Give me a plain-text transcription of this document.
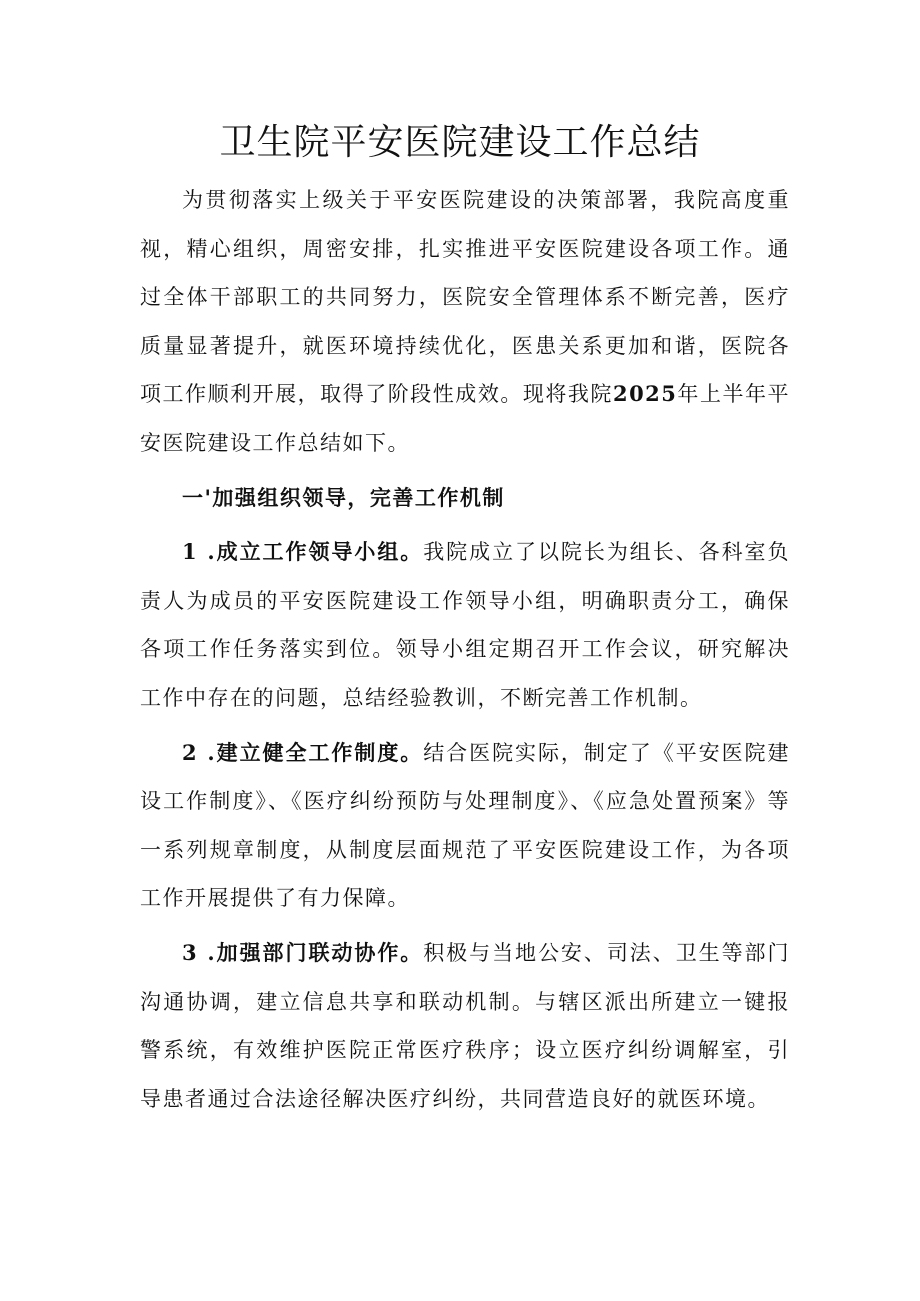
卫生院平安医院建设工作总结

为贯彻落实上级关于平安医院建设的决策部署，我院高度重视，精心组织，周密安排，扎实推进平安医院建设各项工作。通过全体干部职工的共同努力，医院安全管理体系不断完善，医疗质量显著提升，就医环境持续优化，医患关系更加和谐，医院各项工作顺利开展，取得了阶段性成效。现将我院2025年上半年平安医院建设工作总结如下。

一'加强组织领导，完善工作机制

1 .成立工作领导小组。我院成立了以院长为组长、各科室负责人为成员的平安医院建设工作领导小组，明确职责分工，确保各项工作任务落实到位。领导小组定期召开工作会议，研究解决工作中存在的问题，总结经验教训，不断完善工作机制。

2 .建立健全工作制度。结合医院实际，制定了《平安医院建设工作制度》、《医疗纠纷预防与处理制度》、《应急处置预案》等一系列规章制度，从制度层面规范了平安医院建设工作，为各项工作开展提供了有力保障。

3 .加强部门联动协作。积极与当地公安、司法、卫生等部门沟通协调，建立信息共享和联动机制。与辖区派出所建立一键报警系统，有效维护医院正常医疗秩序；设立医疗纠纷调解室，引导患者通过合法途径解决医疗纠纷，共同营造良好的就医环境。
